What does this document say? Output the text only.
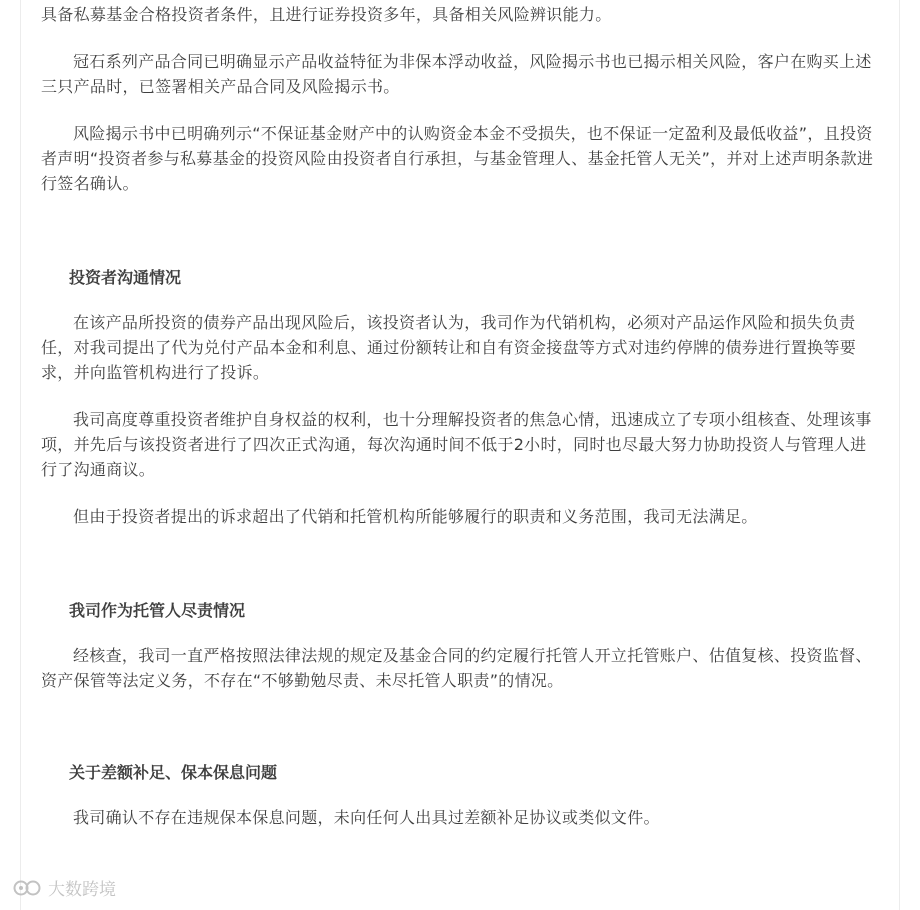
具备私募基金合格投资者条件，且进行证券投资多年，具备相关风险辨识能力。

冠石系列产品合同已明确显示产品收益特征为非保本浮动收益，风险揭示书也已揭示相关风险，客户在购买上述三只产品时，已签署相关产品合同及风险揭示书。

风险揭示书中已明确列示“不保证基金财产中的认购资金本金不受损失，也不保证一定盈利及最低收益”，且投资者声明“投资者参与私募基金的投资风险由投资者自行承担，与基金管理人、基金托管人无关”，并对上述声明条款进行签名确认。

投资者沟通情况

在该产品所投资的债券产品出现风险后，该投资者认为，我司作为代销机构，必须对产品运作风险和损失负责任，对我司提出了代为兑付产品本金和利息、通过份额转让和自有资金接盘等方式对违约停牌的债券进行置换等要求，并向监管机构进行了投诉。

我司高度尊重投资者维护自身权益的权利，也十分理解投资者的焦急心情，迅速成立了专项小组核查、处理该事项，并先后与该投资者进行了四次正式沟通，每次沟通时间不低于2小时，同时也尽最大努力协助投资人与管理人进行了沟通商议。

但由于投资者提出的诉求超出了代销和托管机构所能够履行的职责和义务范围，我司无法满足。

我司作为托管人尽责情况

经核查，我司一直严格按照法律法规的规定及基金合同的约定履行托管人开立托管账户、估值复核、投资监督、资产保管等法定义务，不存在“不够勤勉尽责、未尽托管人职责”的情况。

关于差额补足、保本保息问题

我司确认不存在违规保本保息问题，未向任何人出具过差额补足协议或类似文件。

大数跨境
